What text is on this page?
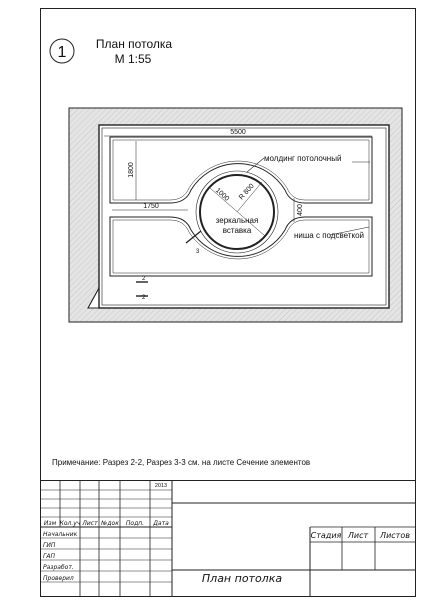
1 План потолка
М 1:55
5500
1800
1750	400
1000 R 800
зеркальная
вставка
молдинг потолочный
ниша с подсветкой
3
2
2
Примечание: Разрез 2-2, Разрез 3-3 см. на листе Сечение элементов
2013
Изм Кол.уч Лист №док Подп. Дата
Начальник
ГИП
ГАП
Разработ.
Проверил
Стадия Лист Листов
План потолка
